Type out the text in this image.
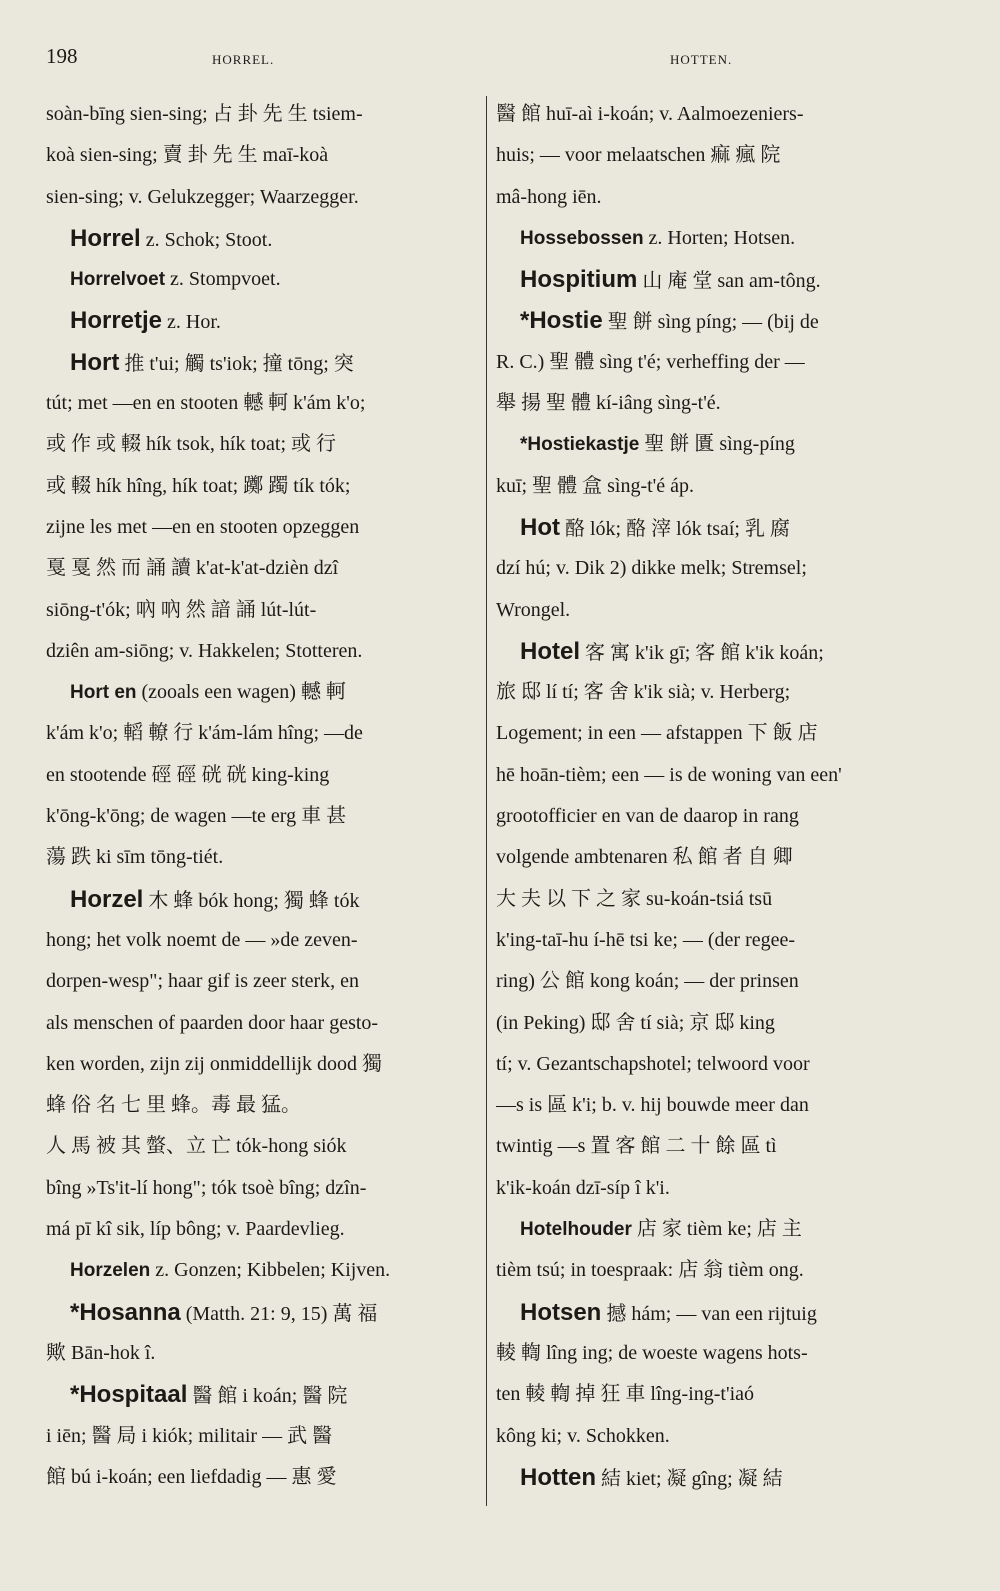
198	HORREL.	HOTTEN.
soàn-bīng sien-sing; 占 卦 先 生 tsiem-
koà sien-sing; 賣 卦 先 生 maī-koà
sien-sing; v. Gelukzegger; Waarzegger.
Horrel z. Schok; Stoot.
Horrelvoet z. Stompvoet.
Horretje z. Hor.
Hort 推 t'ui; 觸 ts'iok; 撞 tōng; 突
tút; met —en en stooten 轗 軻 k'ám k'o;
或 作 或 輟 hík tsok, hík toat; 或 行
或 輟 hík hîng, hík toat; 躑 躅 tík tók;
zijne les met —en en stooten opzeggen
戛 戛 然 而 誦 讀 k'at-k'at-dzièn dzî
siōng-t'ók; 吶 吶 然 諳 誦 lút-lút-
dziên am-siōng; v. Hakkelen; Stotteren.
Hort en (zooals een wagen) 轗 軻
k'ám k'o; 轁 轑 行 k'ám-lám hîng; —de
en stootende 硜 硜 硄 硄 king-king
k'ōng-k'ōng; de wagen —te erg 車 甚
蕩 跌 ki sīm tōng-tiét.
Horzel 木 蜂 bók hong; 獨 蜂 tók
hong; het volk noemt de — »de zeven-
dorpen-wesp"; haar gif is zeer sterk, en
als menschen of paarden door haar gesto-
ken worden, zijn zij onmiddellijk dood 獨
蜂 俗 名 七 里 蜂。毒 最 猛。
人 馬 被 其 螫、立 亡 tók-hong siók
bîng »Ts'it-lí hong"; tók tsoè bîng; dzîn-
má pī kî sik, líp bông; v. Paardevlieg.
Horzelen z. Gonzen; Kibbelen; Kijven.
*Hosanna (Matth. 21: 9, 15) 萬 福
歟 Bān-hok î.
*Hospitaal 醫 館 i koán; 醫 院
i iēn; 醫 局 i kiók; militair — 武 醫
館 bú i-koán; een liefdadig — 惠 愛
醫 館 huī-aì i-koán; v. Aalmoezeniers-
huis; — voor melaatschen 痲 瘋 院
mâ-hong iēn.
Hossebossen z. Horten; Hotsen.
Hospitium 山 庵 堂 san am-tông.
*Hostie 聖 餅 sìng píng; — (bij de
R. C.) 聖 體 sìng t'é; verheffing der —
舉 揚 聖 體 kí-iâng sìng-t'é.
*Hostiekastje 聖 餅 匱 sìng-píng
kuī; 聖 體 盒 sìng-t'é áp.
Hot 酪 lók; 酪 滓 lók tsaí; 乳 腐
dzí hú; v. Dik 2) dikke melk; Stremsel;
Wrongel.
Hotel 客 寓 k'ik gī; 客 館 k'ik koán;
旅 邸 lí tí; 客 舍 k'ik sià; v. Herberg;
Logement; in een — afstappen 下 飯 店
hē hoān-tièm; een — is de woning van een'
grootofficier en van de daarop in rang
volgende ambtenaren 私 館 者 自 卿
大 夫 以 下 之 家 su-koán-tsiá tsū
k'ing-taī-hu í-hē tsi ke; — (der regee-
ring) 公 館 kong koán; — der prinsen
(in Peking) 邸 舍 tí sià; 京 邸 king
tí; v. Gezantschapshotel; telwoord voor
—s is 區 k'i; b. v. hij bouwde meer dan
twintig —s 置 客 館 二 十 餘 區 tì
k'ik-koán dzī-síp î k'i.
Hotelhouder 店 家 tièm ke; 店 主
tièm tsú; in toespraak: 店 翁 tièm ong.
Hotsen 撼 hám; — van een rijtuig
輘 輷 lîng ing; de woeste wagens hots-
ten 輘 輷 掉 狂 車 lîng-ing-t'iaó
kông ki; v. Schokken.
Hotten 結 kiet; 凝 gîng; 凝 結
